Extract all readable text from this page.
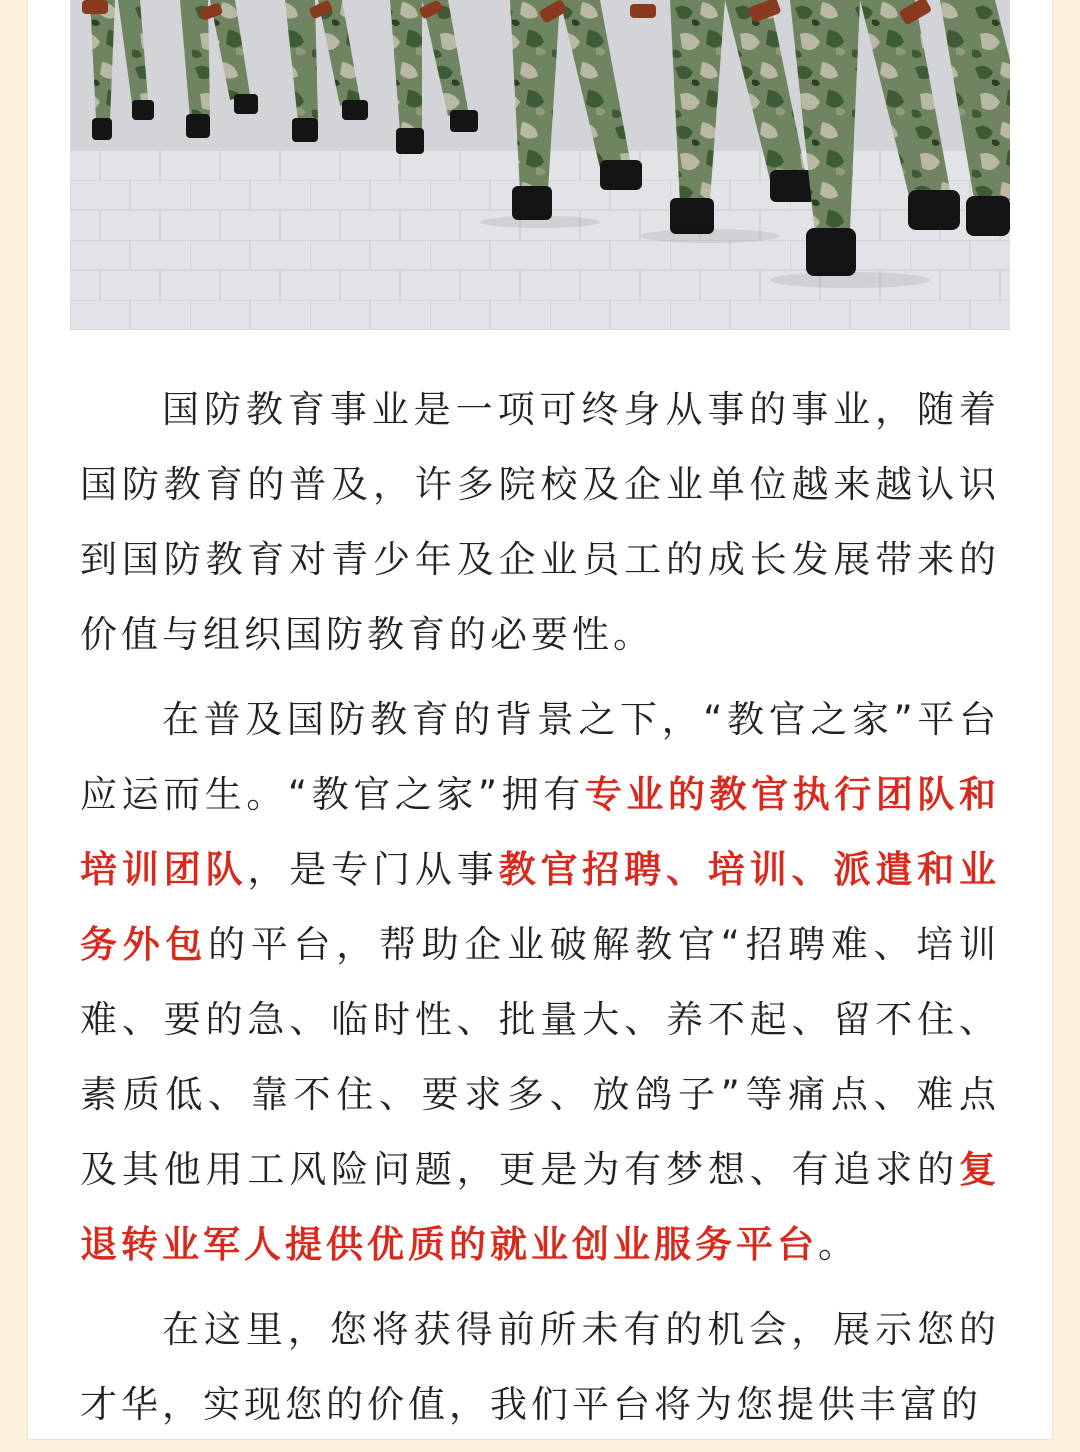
国防教育事业是一项可终身从事的事业，随着国防教育的普及，许多院校及企业单位越来越认识到国防教育对青少年及企业员工的成长发展带来的价值与组织国防教育的必要性。

在普及国防教育的背景之下，“教官之家”平台应运而生。“教官之家”拥有专业的教官执行团队和培训团队，是专门从事教官招聘、培训、派遣和业务外包的平台，帮助企业破解教官“招聘难、培训难、要的急、临时性、批量大、养不起、留不住、素质低、靠不住、要求多、放鸽子”等痛点、难点及其他用工风险问题，更是为有梦想、有追求的复退转业军人提供优质的就业创业服务平台。

在这里，您将获得前所未有的机会，展示您的才华，实现您的价值，我们平台将为您提供丰富的
